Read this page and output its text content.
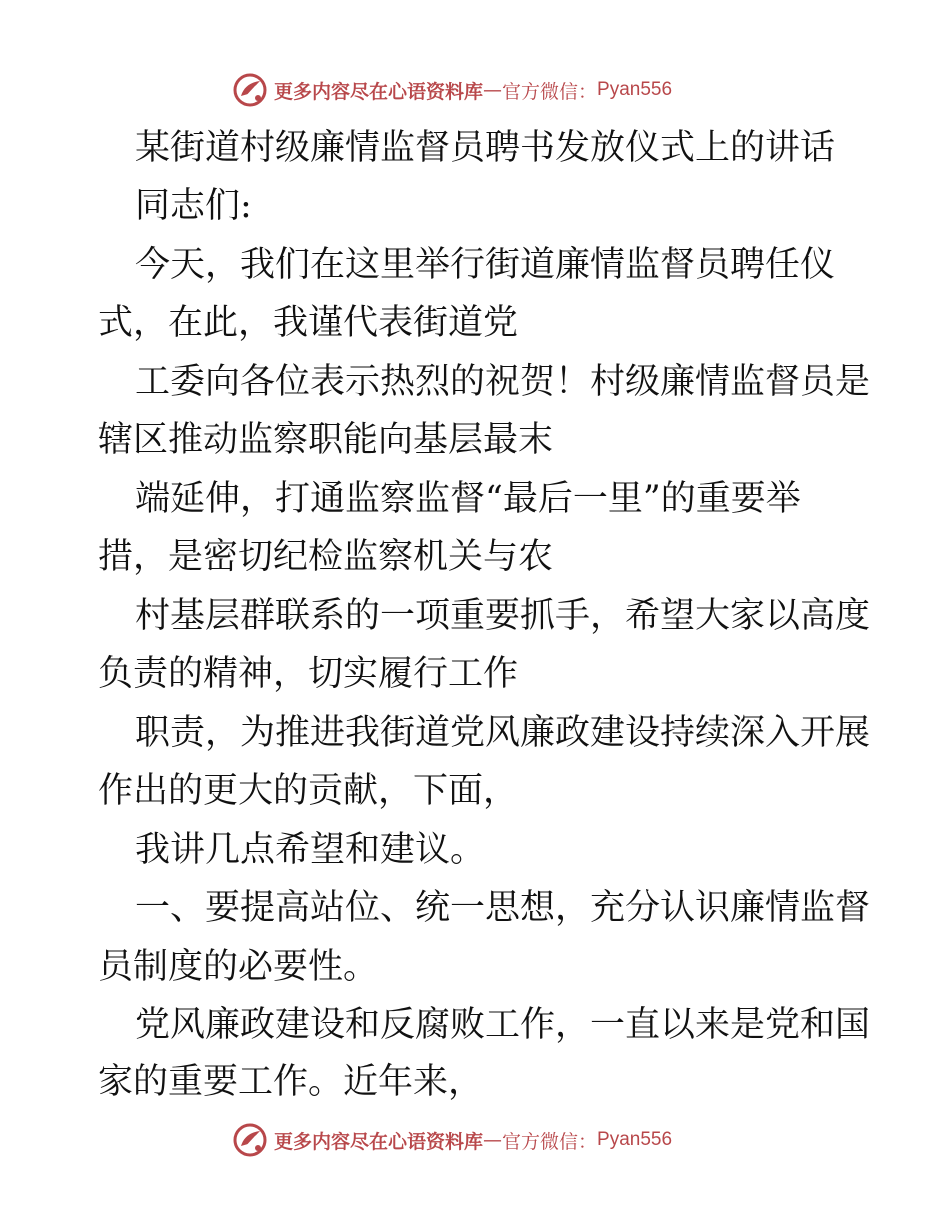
更多内容尽在心语资料库 — 官方微信： Pyan556
某街道村级廉情监督员聘书发放仪式上的讲话
同志们:
今天，我们在这里举行街道廉情监督员聘任仪
式，在此，我谨代表街道党
工委向各位表示热烈的祝贺！村级廉情监督员是
辖区推动监察职能向基层最末
端延伸，打通监察监督“最后一里”的重要举
措，是密切纪检监察机关与农
村基层群联系的一项重要抓手，希望大家以高度
负责的精神，切实履行工作
职责，为推进我街道党风廉政建设持续深入开展
作出的更大的贡献，下面，
我讲几点希望和建议。
一、要提高站位、统一思想，充分认识廉情监督
员制度的必要性。
党风廉政建设和反腐败工作，一直以来是党和国
家的重要工作。近年来，
更多内容尽在心语资料库 — 官方微信： Pyan556
